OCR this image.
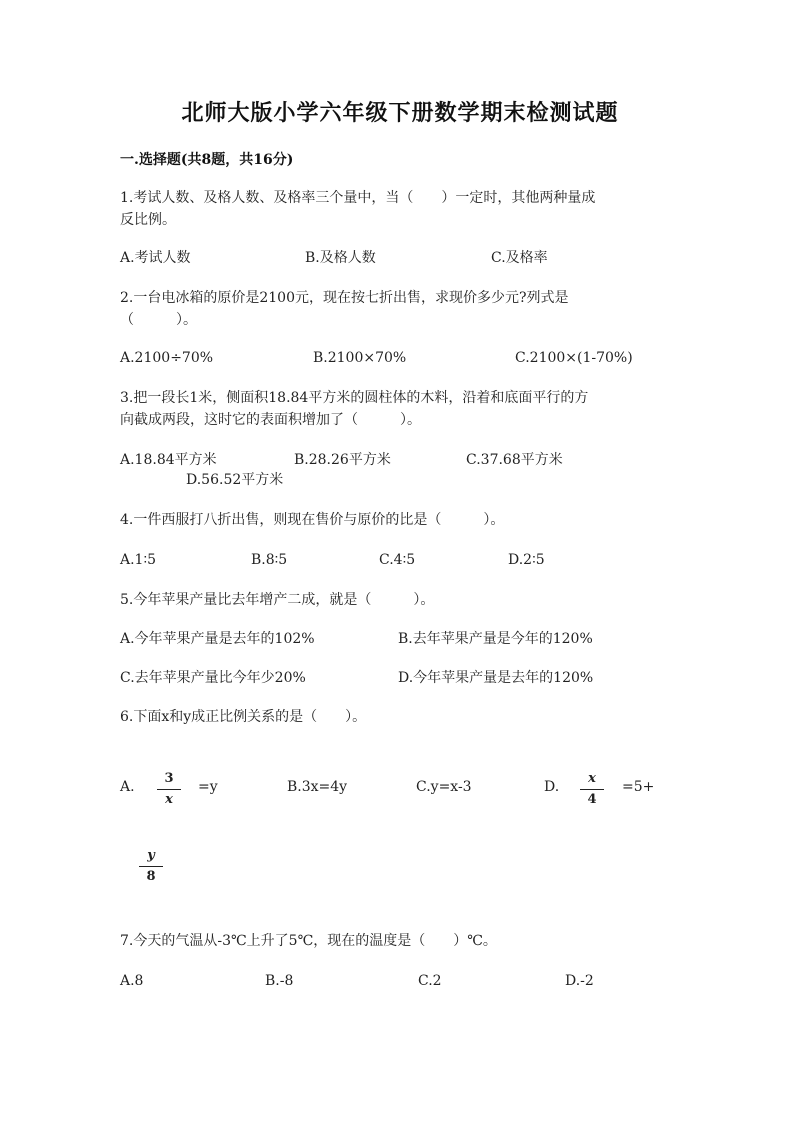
北师大版小学六年级下册数学期末检测试题
一.选择题(共8题，共16分)
1.考试人数、及格人数、及格率三个量中，当（　　）一定时，其他两种量成
反比例。
A.考试人数	B.及格人数	C.及格率
2.一台电冰箱的原价是2100元，现在按七折出售，求现价多少元?列式是
（　　　）。
A.2100÷70%	B.2100×70%	C.2100×(1-70%)
3.把一段长1米，侧面积18.84平方米的圆柱体的木料，沿着和底面平行的方
向截成两段，这时它的表面积增加了（　　　）。
A.18.84平方米	B.28.26平方米	C.37.68平方米
D.56.52平方米
4.一件西服打八折出售，则现在售价与原价的比是（　　　）。
A.1∶5	B.8∶5	C.4∶5	D.2∶5
5.今年苹果产量比去年增产二成，就是（　　　）。
A.今年苹果产量是去年的102%	B.去年苹果产量是今年的120%
C.去年苹果产量比今年少20%	D.今年苹果产量是去年的120%
6.下面x和y成正比例关系的是（　　）。
A. $\frac{3}{x} =y$	B.3x=4y	C.y=x-3	D. $\frac{x}{4} =5+$
$\frac{y}{8}$
7.今天的气温从-3℃上升了5℃，现在的温度是（　　）℃。
A.8	B.-8	C.2	D.-2
